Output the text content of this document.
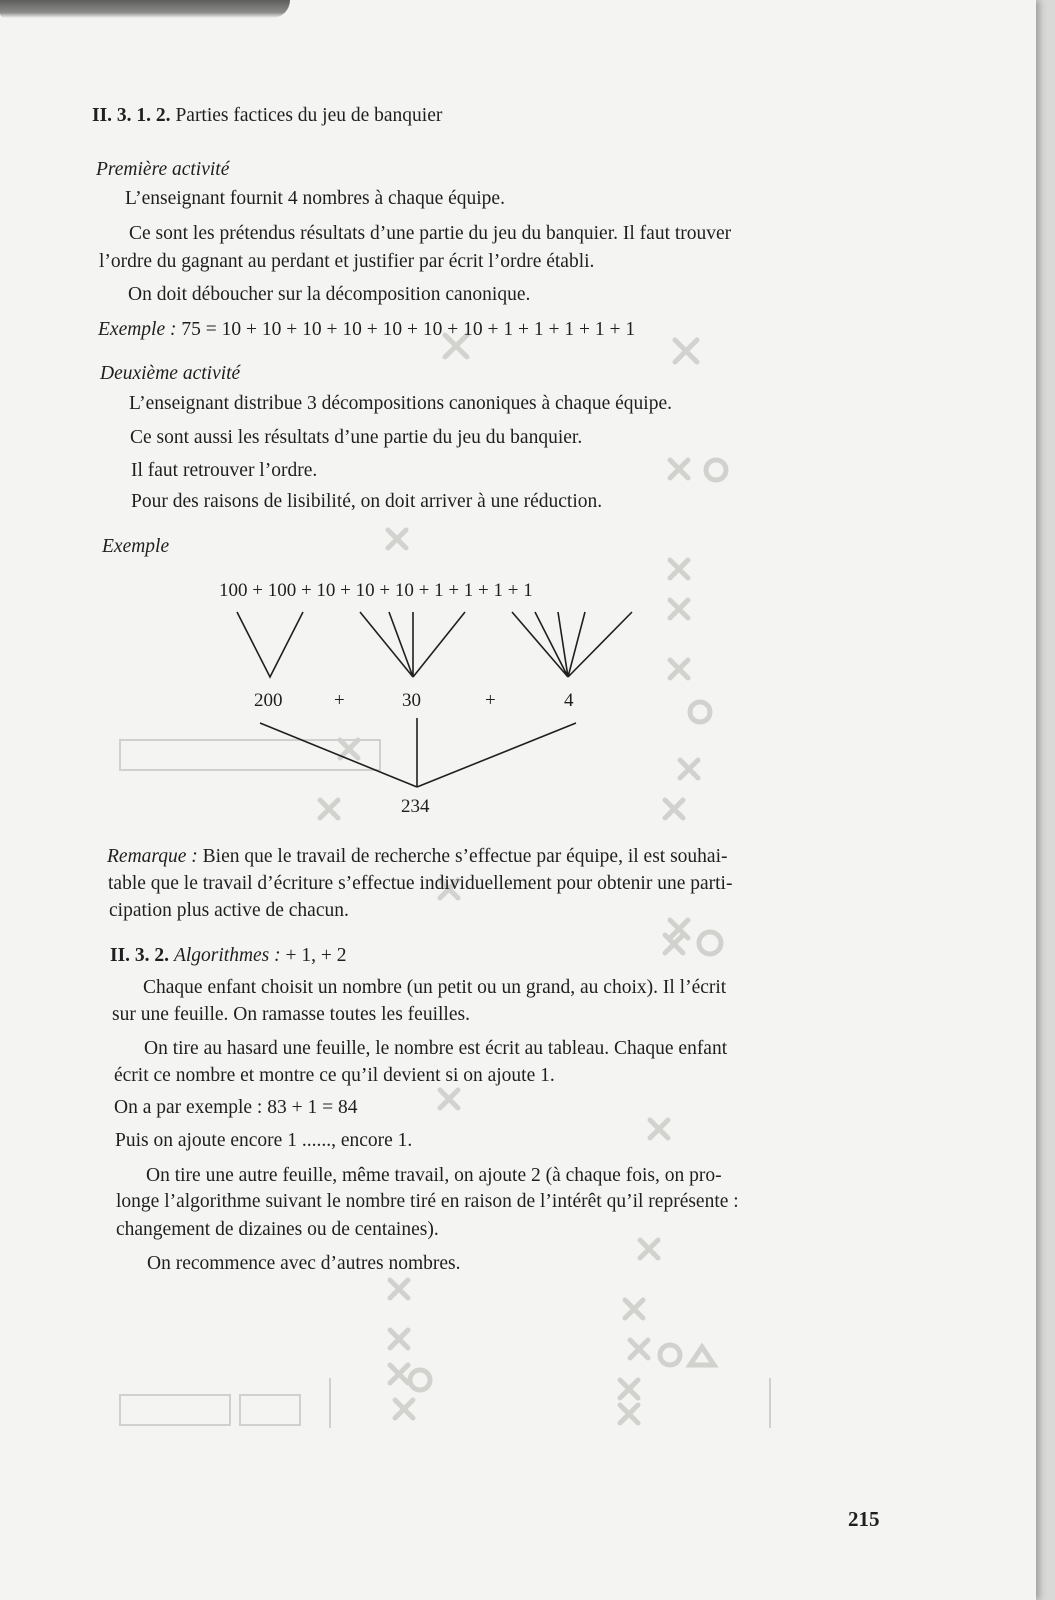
II. 3. 1. 2. Parties factices du jeu de banquier
Première activité
L’enseignant fournit 4 nombres à chaque équipe.
Ce sont les prétendus résultats d’une partie du jeu du banquier. Il faut trouver
l’ordre du gagnant au perdant et justifier par écrit l’ordre établi.
On doit déboucher sur la décomposition canonique.
Exemple : 75 = 10 + 10 + 10 + 10 + 10 + 10 + 10 + 1 + 1 + 1 + 1 + 1
Deuxième activité
L’enseignant distribue 3 décompositions canoniques à chaque équipe.
Ce sont aussi les résultats d’une partie du jeu du banquier.
Il faut retrouver l’ordre.
Pour des raisons de lisibilité, on doit arriver à une réduction.
Exemple
100 + 100 + 10 + 10 + 10 + 1 + 1 + 1 + 1
200	+	30	+	4
234
Remarque : Bien que le travail de recherche s’effectue par équipe, il est souhai-
table que le travail d’écriture s’effectue individuellement pour obtenir une parti-
cipation plus active de chacun.
II. 3. 2. Algorithmes : + 1, + 2
Chaque enfant choisit un nombre (un petit ou un grand, au choix). Il l’écrit
sur une feuille. On ramasse toutes les feuilles.
On tire au hasard une feuille, le nombre est écrit au tableau. Chaque enfant
écrit ce nombre et montre ce qu’il devient si on ajoute 1.
On a par exemple : 83 + 1 = 84
Puis on ajoute encore 1 ......, encore 1.
On tire une autre feuille, même travail, on ajoute 2 (à chaque fois, on pro-
longe l’algorithme suivant le nombre tiré en raison de l’intérêt qu’il représente :
changement de dizaines ou de centaines).
On recommence avec d’autres nombres.
215
